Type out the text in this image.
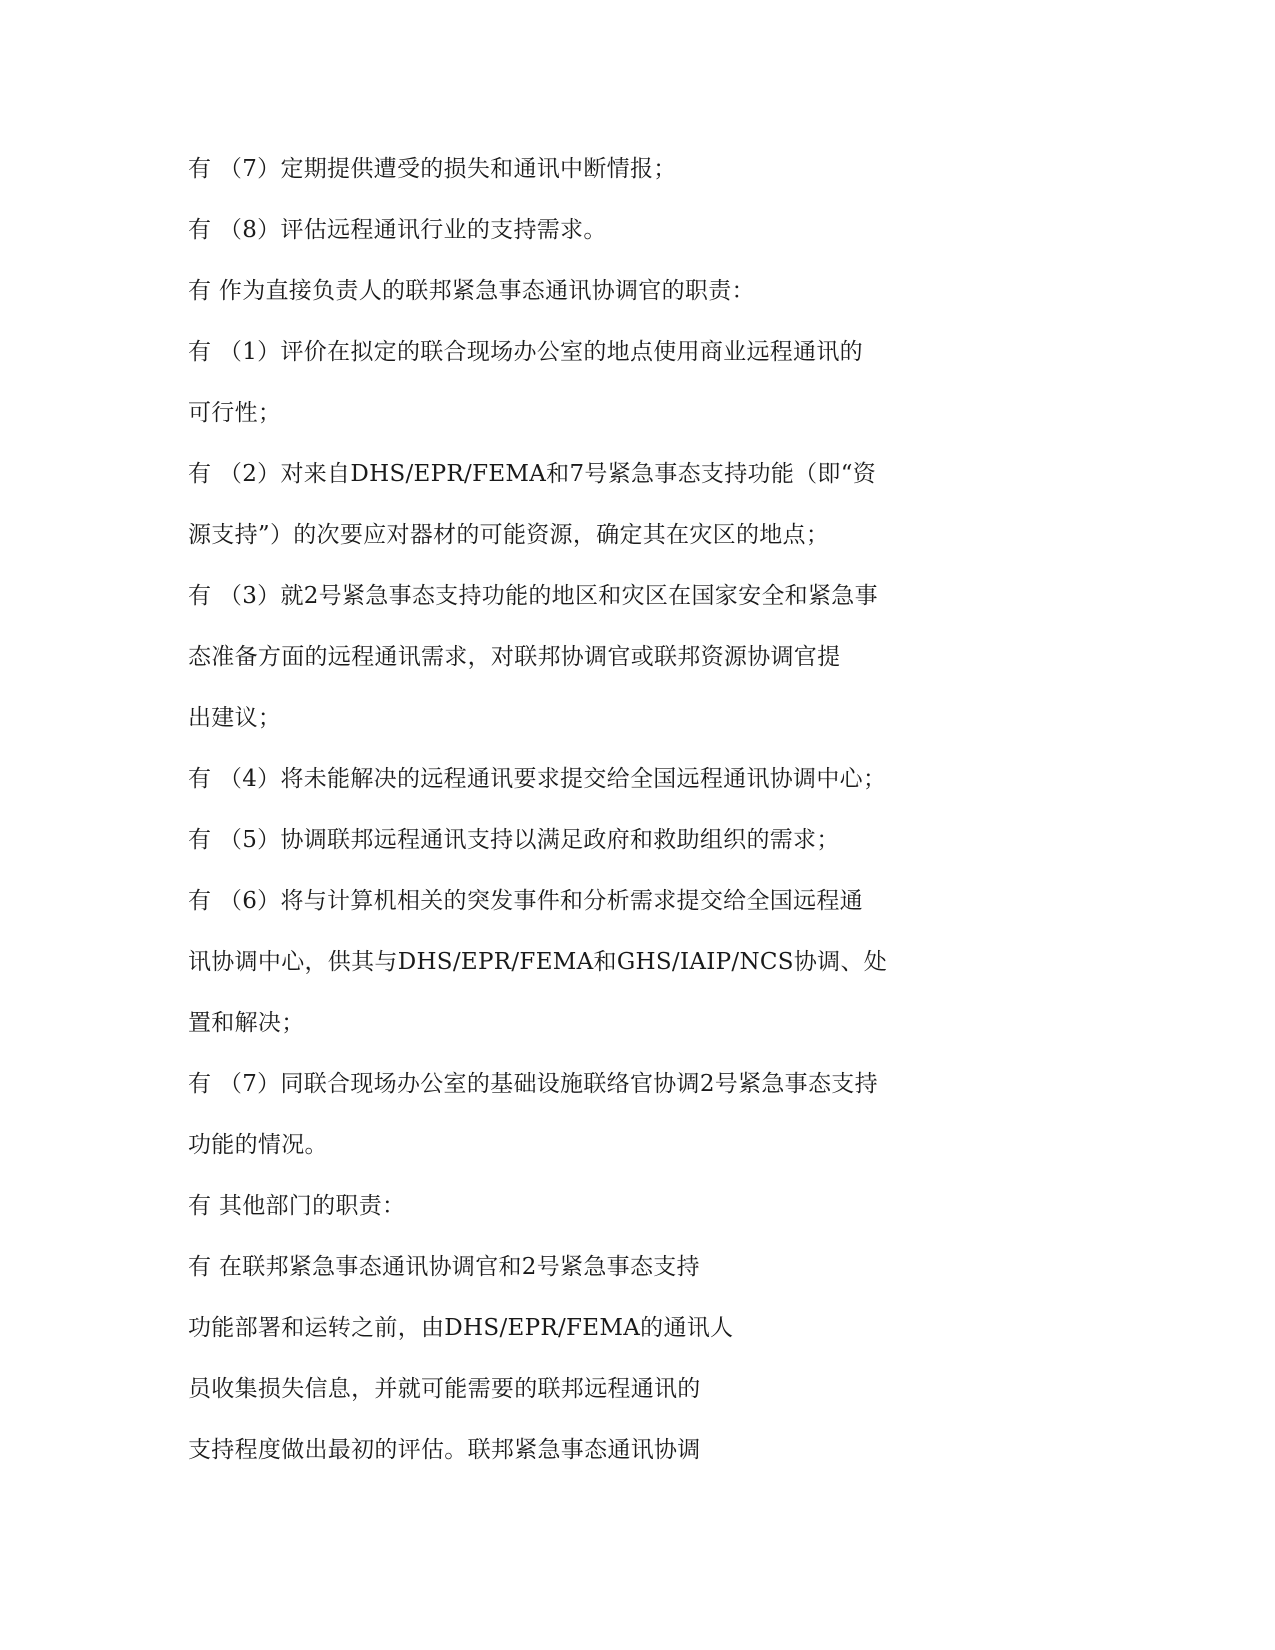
有 （7）定期提供遭受的损失和通讯中断情报；
有 （8）评估远程通讯行业的支持需求。
有 作为直接负责人的联邦紧急事态通讯协调官的职责：
有 （1）评价在拟定的联合现场办公室的地点使用商业远程通讯的
可行性；
有 （2）对来自DHS/EPR/FEMA和7号紧急事态支持功能（即“资
源支持”）的次要应对器材的可能资源，确定其在灾区的地点；
有 （3）就2号紧急事态支持功能的地区和灾区在国家安全和紧急事
态准备方面的远程通讯需求，对联邦协调官或联邦资源协调官提
出建议；
有 （4）将未能解决的远程通讯要求提交给全国远程通讯协调中心；
有 （5）协调联邦远程通讯支持以满足政府和救助组织的需求；
有 （6）将与计算机相关的突发事件和分析需求提交给全国远程通
讯协调中心，供其与DHS/EPR/FEMA和GHS/IAIP/NCS协调、处
置和解决；
有 （7）同联合现场办公室的基础设施联络官协调2号紧急事态支持
功能的情况。
有 其他部门的职责：
有 在联邦紧急事态通讯协调官和2号紧急事态支持
功能部署和运转之前，由DHS/EPR/FEMA的通讯人
员收集损失信息，并就可能需要的联邦远程通讯的
支持程度做出最初的评估。联邦紧急事态通讯协调
